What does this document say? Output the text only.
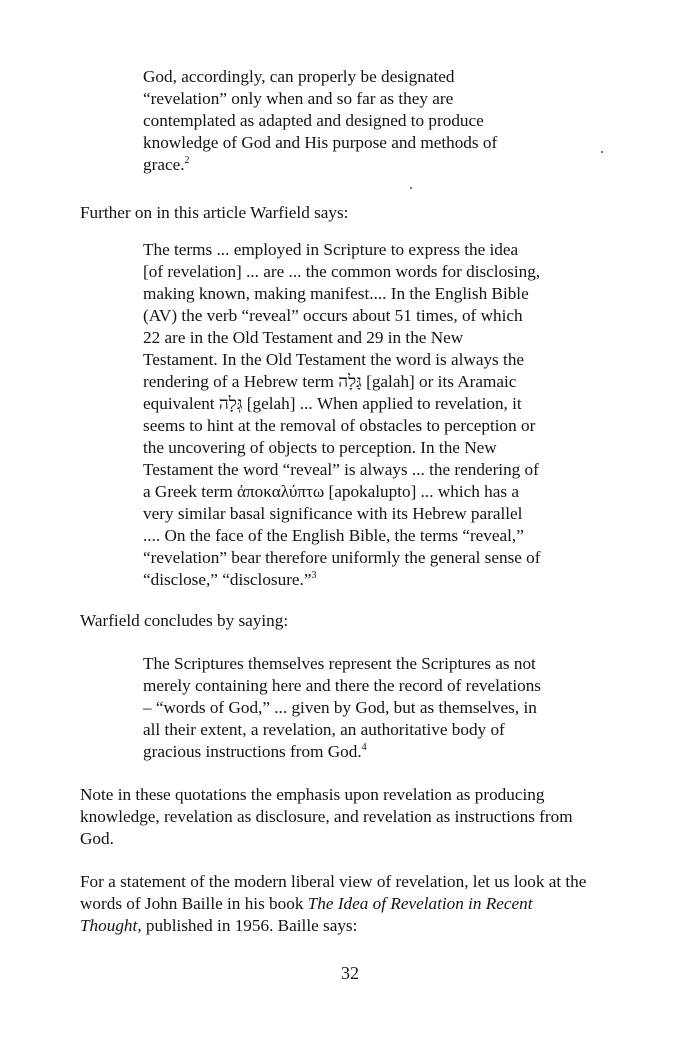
God, accordingly, can properly be designated
“revelation” only when and so far as they are
contemplated as adapted and designed to produce
knowledge of God and His purpose and methods of
grace.$^2$
Further on in this article Warfield says:
The terms ... employed in Scripture to express the idea
[of revelation] ... are ... the common words for disclosing,
making known, making manifest.... In the English Bible
(AV) the verb “reveal” occurs about 51 times, of which
22 are in the Old Testament and 29 in the New
Testament. In the Old Testament the word is always the
rendering of a Hebrew term גָּלָה [galah] or its Aramaic
equivalent גְּלָה [gelah] ... When applied to revelation, it
seems to hint at the removal of obstacles to perception or
the uncovering of objects to perception. In the New
Testament the word “reveal” is always ... the rendering of
a Greek term ἀποκαλύπτω [apokalupto] ... which has a
very similar basal significance with its Hebrew parallel
.... On the face of the English Bible, the terms “reveal,”
“revelation” bear therefore uniformly the general sense of
“disclose,” “disclosure.”$^3$
Warfield concludes by saying:
The Scriptures themselves represent the Scriptures as not
merely containing here and there the record of revelations
– “words of God,” ... given by God, but as themselves, in
all their extent, a revelation, an authoritative body of
gracious instructions from God.$^4$
Note in these quotations the emphasis upon revelation as producing
knowledge, revelation as disclosure, and revelation as instructions from
God.
For a statement of the modern liberal view of revelation, let us look at the
words of John Baille in his book The Idea of Revelation in Recent
Thought, published in 1956. Baille says:
32
